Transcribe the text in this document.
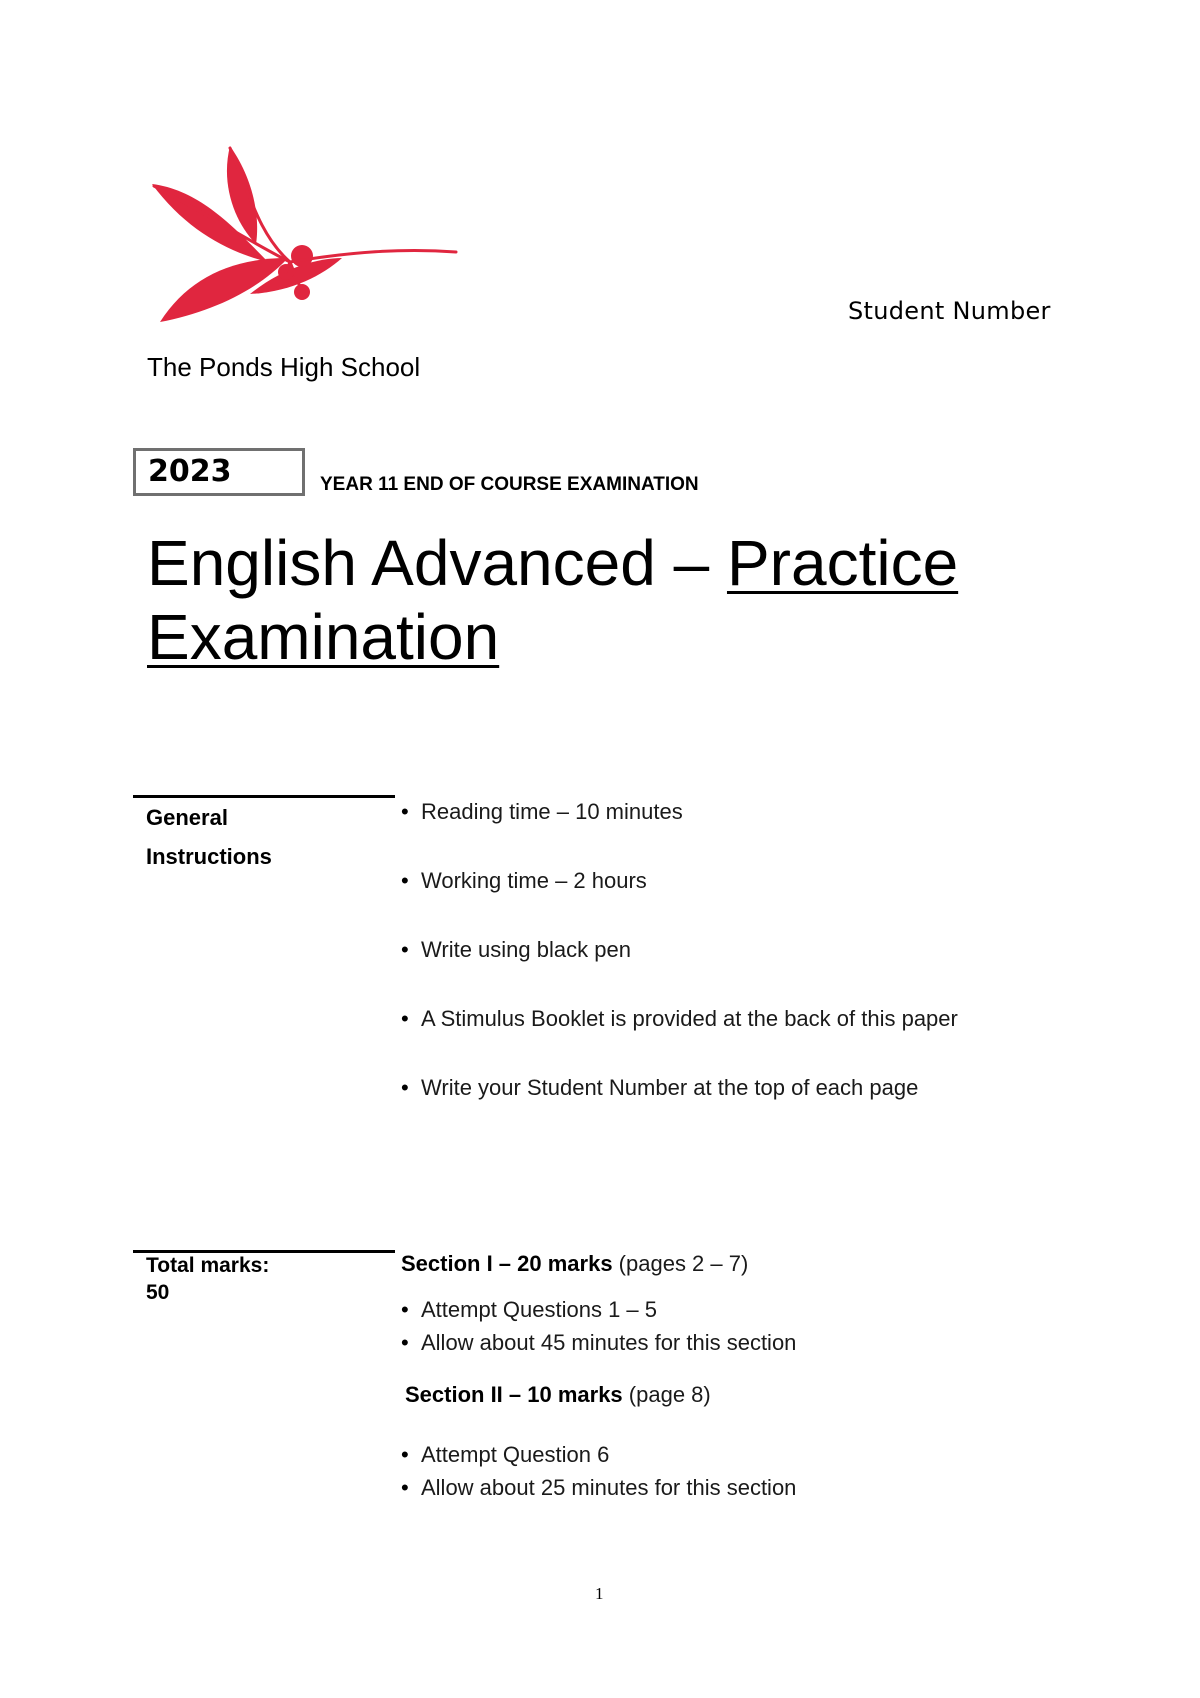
The Ponds High School
Student Number
2023	YEAR 11 END OF COURSE EXAMINATION
English Advanced – Practice
Examination
General
Instructions
• Reading time – 10 minutes
• Working time – 2 hours
• Write using black pen
• A Stimulus Booklet is provided at the back of this paper
• Write your Student Number at the top of each page
Total marks:
50
Section I – 20 marks (pages 2 – 7)
• Attempt Questions 1 – 5
• Allow about 45 minutes for this section
Section II – 10 marks (page 8)
• Attempt Question 6
• Allow about 25 minutes for this section
1
